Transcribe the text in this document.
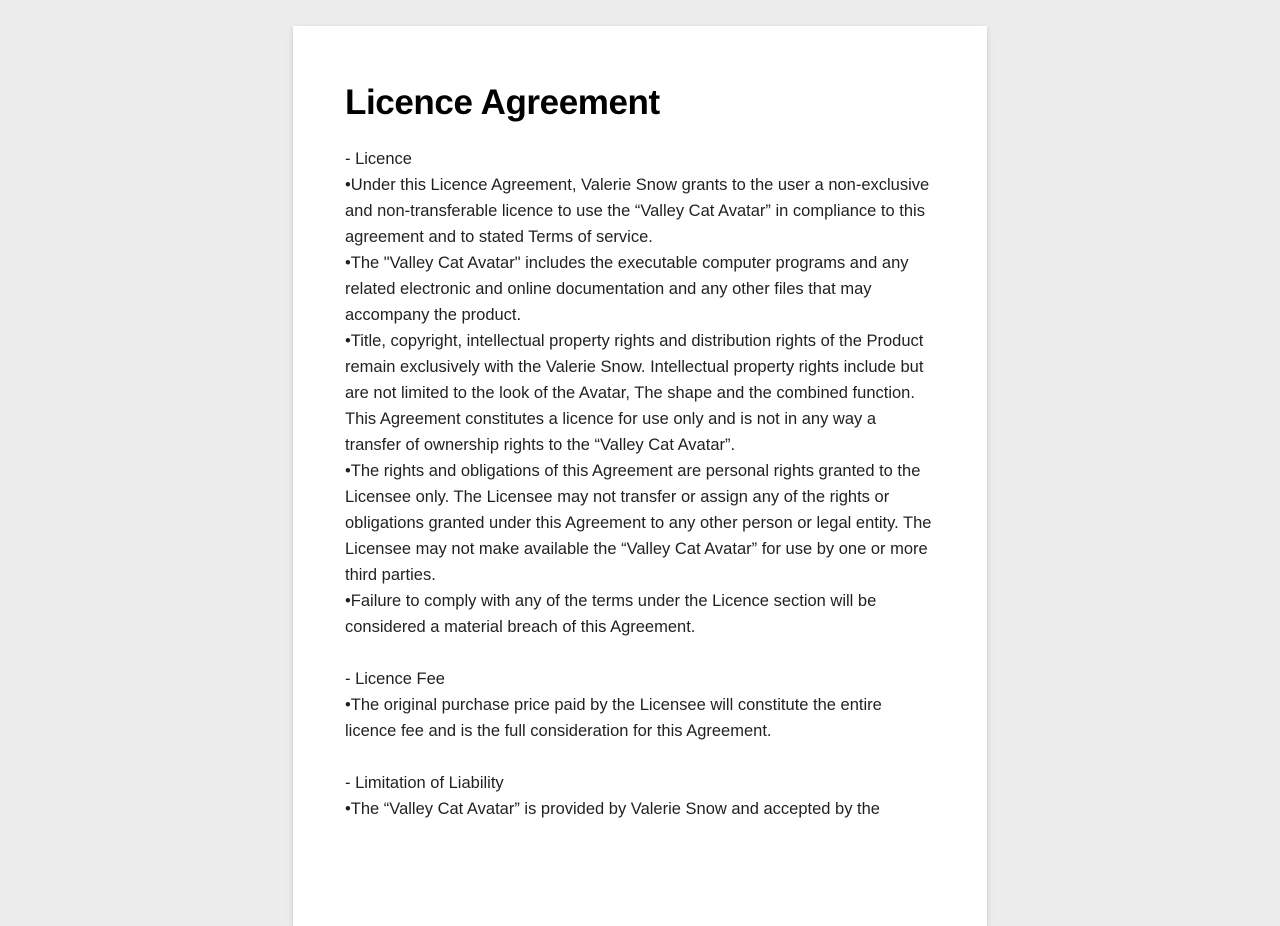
Licence Agreement

- Licence

•Under this Licence Agreement, Valerie Snow grants to the user a non-exclusive and non-transferable licence to use the “Valley Cat Avatar” in compliance to this agreement and to stated Terms of service.

•The "Valley Cat Avatar" includes the executable computer programs and any related electronic and online documentation and any other files that may accompany the product.

•Title, copyright, intellectual property rights and distribution rights of the Product remain exclusively with the Valerie Snow. Intellectual property rights include but are not limited to the look of the Avatar, The shape and the combined function. This Agreement constitutes a licence for use only and is not in any way a transfer of ownership rights to the “Valley Cat Avatar”.

•The rights and obligations of this Agreement are personal rights granted to the Licensee only. The Licensee may not transfer or assign any of the rights or obligations granted under this Agreement to any other person or legal entity. The Licensee may not make available the “Valley Cat Avatar” for use by one or more third parties.

•Failure to comply with any of the terms under the Licence section will be considered a material breach of this Agreement.

- Licence Fee

•The original purchase price paid by the Licensee will constitute the entire licence fee and is the full consideration for this Agreement.

- Limitation of Liability

•The “Valley Cat Avatar” is provided by Valerie Snow and accepted by the
